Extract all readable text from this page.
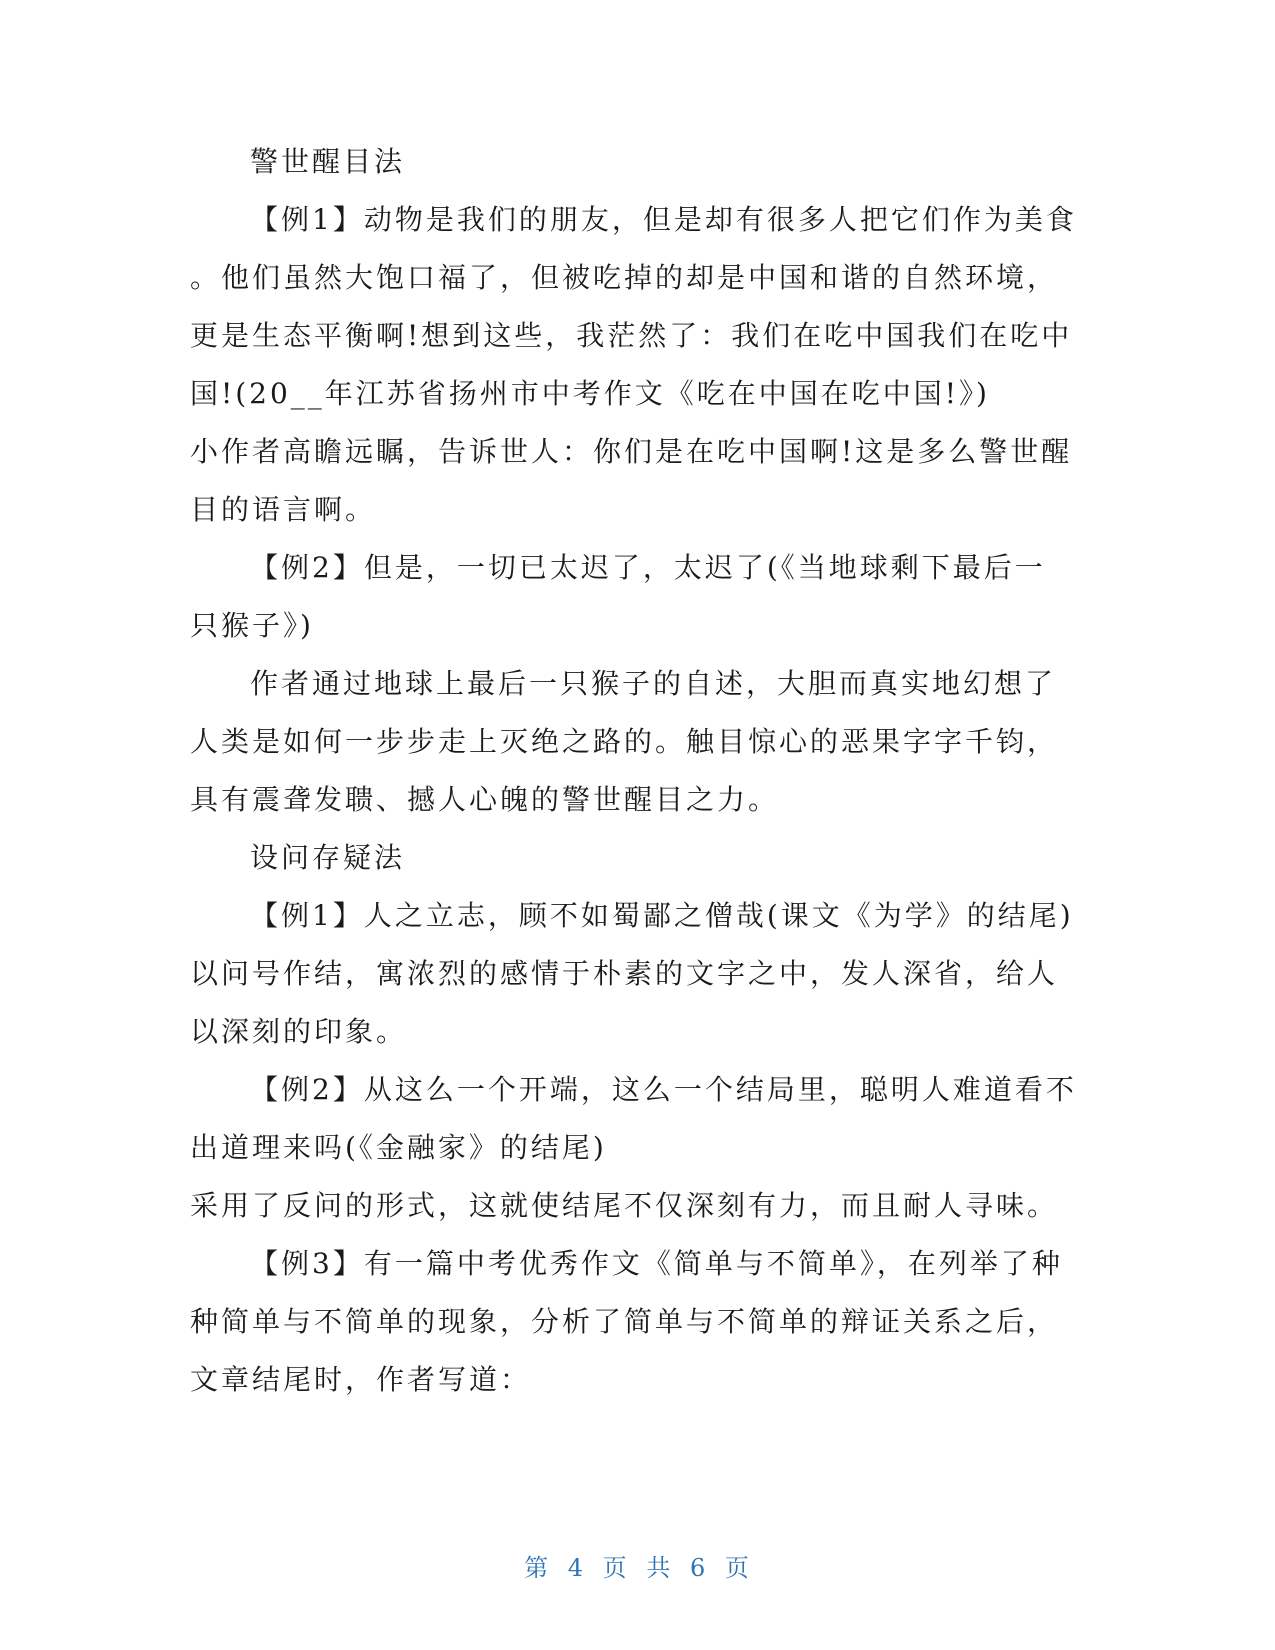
警世醒目法
【例1】动物是我们的朋友，但是却有很多人把它们作为美食
。他们虽然大饱口福了，但被吃掉的却是中国和谐的自然环境，
更是生态平衡啊!想到这些，我茫然了：我们在吃中国我们在吃中
国!(20__年江苏省扬州市中考作文《吃在中国在吃中国!》)
小作者高瞻远瞩，告诉世人：你们是在吃中国啊!这是多么警世醒
目的语言啊。
【例2】但是，一切已太迟了，太迟了(《当地球剩下最后一
只猴子》)
作者通过地球上最后一只猴子的自述，大胆而真实地幻想了
人类是如何一步步走上灭绝之路的。触目惊心的恶果字字千钧，
具有震聋发聩、撼人心魄的警世醒目之力。
设问存疑法
【例1】人之立志，顾不如蜀鄙之僧哉(课文《为学》的结尾)
以问号作结，寓浓烈的感情于朴素的文字之中，发人深省，给人
以深刻的印象。
【例2】从这么一个开端，这么一个结局里，聪明人难道看不
出道理来吗(《金融家》的结尾)
采用了反问的形式，这就使结尾不仅深刻有力，而且耐人寻味。
【例3】有一篇中考优秀作文《简单与不简单》，在列举了种
种简单与不简单的现象，分析了简单与不简单的辩证关系之后，
文章结尾时，作者写道：
第 4 页 共 6 页
